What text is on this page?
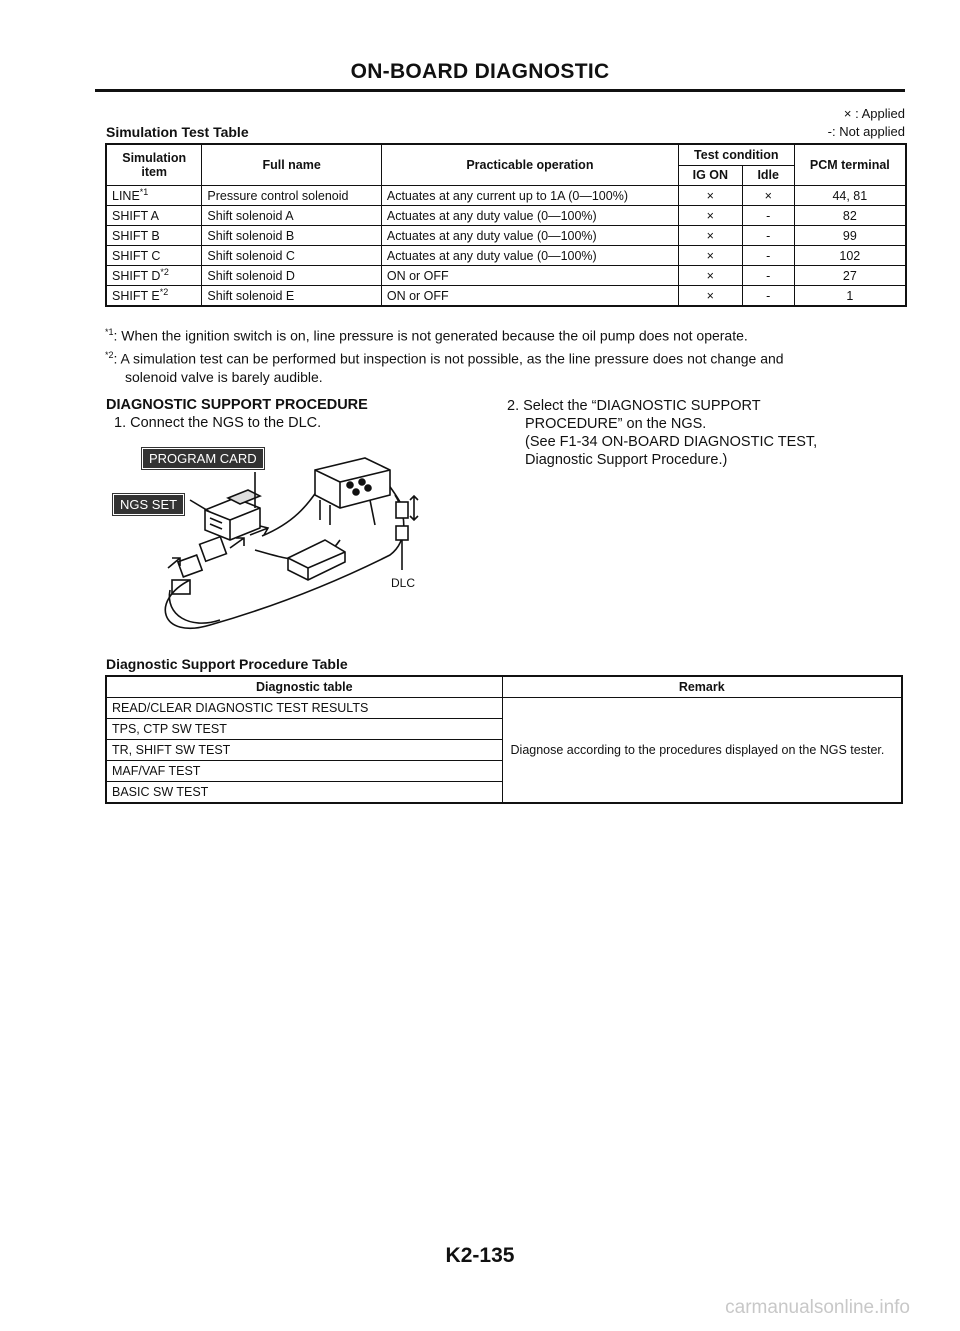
ON-BOARD DIAGNOSTIC
Simulation Test Table
× : Applied
-: Not applied
Simulation item	Full name	Practicable operation	Test condition		PCM terminal
			IG ON	Idle	
LINE$^{*1}$	Pressure control solenoid	Actuates at any current up to 1A (0—100%)	×	×	44, 81
SHIFT A	Shift solenoid A	Actuates at any duty value (0—100%)	×	-	82
SHIFT B	Shift solenoid B	Actuates at any duty value (0—100%)	×	-	99
SHIFT C	Shift solenoid C	Actuates at any duty value (0—100%)	×	-	102
SHIFT $D^{*2}$	Shift solenoid D	ON or OFF	×	-	27
SHIFT $E^{*2}$	Shift solenoid E	ON or OFF	×	-	1

$^{*1}$: When the ignition switch is on, line pressure is not generated because the oil pump does not operate.

$^{*2}$: A simulation test can be performed but inspection is not possible, as the line pressure does not change and

solenoid valve is barely audible.

DIAGNOSTIC SUPPORT PROCEDURE
1. Connect the NGS to the DLC.
2. Select the “DIAGNOSTIC SUPPORT
PROCEDURE” on the NGS.
(See F1-34 ON-BOARD DIAGNOSTIC TEST,
Diagnostic Support Procedure.)
PROGRAM CARD
NGS SET
DLC
Diagnostic Support Procedure Table
Diagnostic table	Remark
READ/CLEAR DIAGNOSTIC TEST RESULTS	Diagnose according to the procedures displayed on the NGS tester.
TPS, CTP SW TEST	
TR, SHIFT SW TEST	
MAF/VAF TEST	
BASIC SW TEST	
K2-135
carmanualsonline.info
